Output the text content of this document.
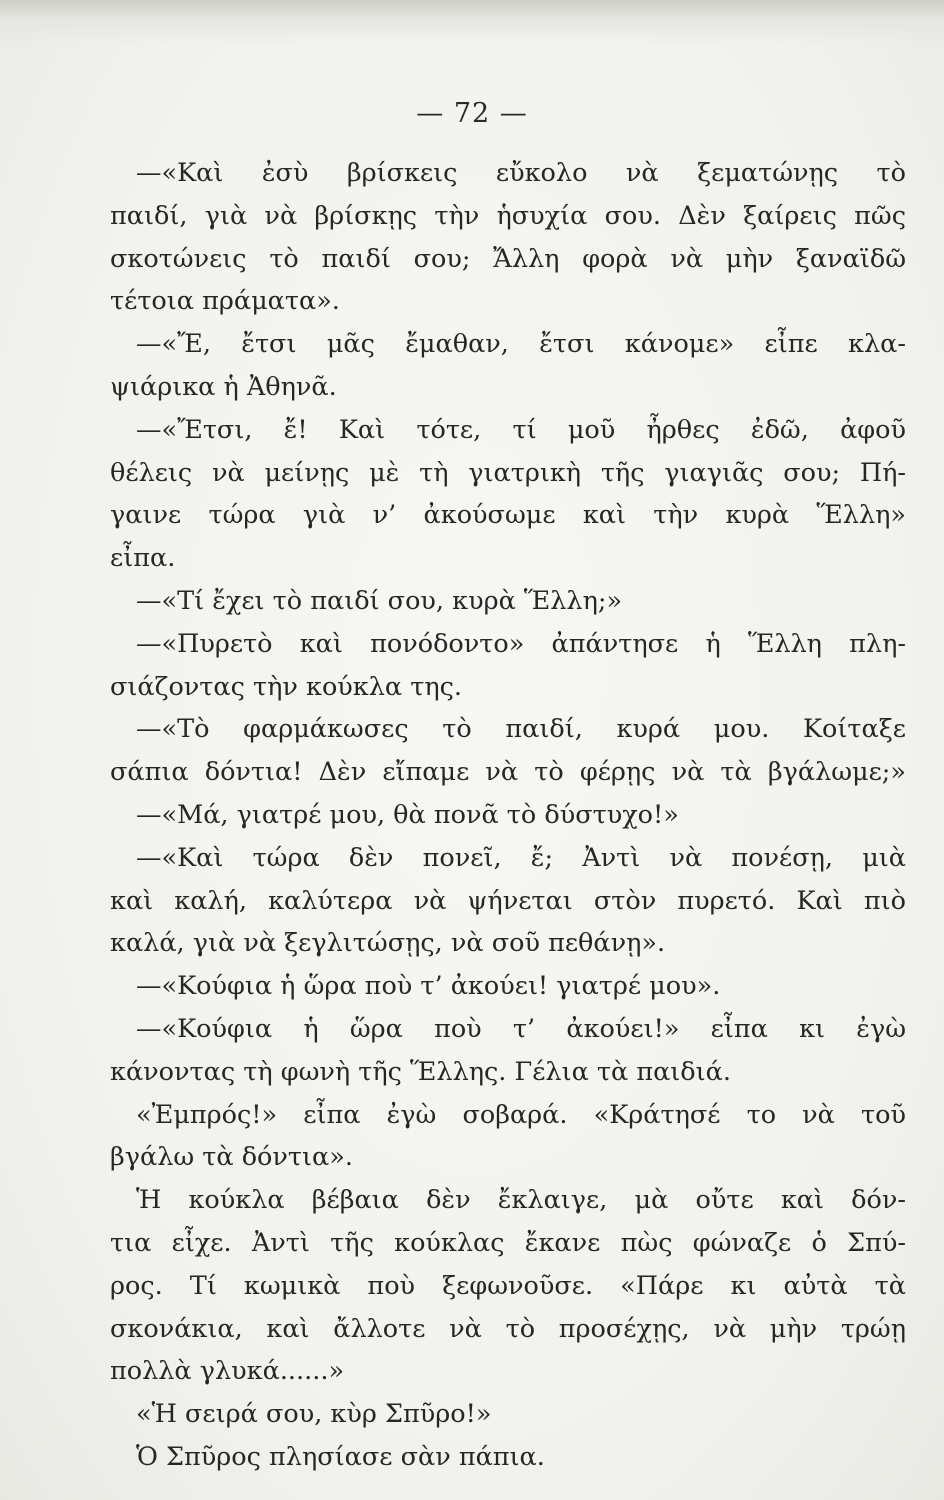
— 72 —
—«Καὶ ἐσὺ βρίσκεις εὔκολο νὰ ξεματώνῃς τὸ
παιδί, γιὰ νὰ βρίσκῃς τὴν ἡσυχία σου. Δὲν ξαίρεις πῶς
σκοτώνεις τὸ παιδί σου; Ἄλλη φορὰ νὰ μὴν ξαναϊδῶ
τέτοια πράματα».
—«Ἔ, ἔτσι μᾶς ἔμαθαν, ἔτσι κάνομε» εἶπε κλα-
ψιάρικα ἡ Ἀθηνᾶ.
—«Ἔτσι, ἔ! Καὶ τότε, τί μοῦ ἦρθες ἐδῶ, ἀφοῦ
θέλεις νὰ μείνῃς μὲ τὴ γιατρικὴ τῆς γιαγιᾶς σου; Πή-
γαινε τώρα γιὰ ν’ ἀκούσωμε καὶ τὴν κυρὰ Ἕλλη»
εἶπα.
—«Τί ἔχει τὸ παιδί σου, κυρὰ Ἕλλη;»
—«Πυρετὸ καὶ πονόδοντο» ἀπάντησε ἡ Ἕλλη πλη-
σιάζοντας τὴν κούκλα της.
—«Τὸ φαρμάκωσες τὸ παιδί, κυρά μου. Κοίταξε
σάπια δόντια! Δὲν εἴπαμε νὰ τὸ φέρῃς νὰ τὰ βγάλωμε;»
—«Μά, γιατρέ μου, θὰ πονᾶ τὸ δύστυχο!»
—«Καὶ τώρα δὲν πονεῖ, ἔ; Ἀντὶ νὰ πονέσῃ, μιὰ
καὶ καλή, καλύτερα νὰ ψήνεται στὸν πυρετό. Καὶ πιὸ
καλά, γιὰ νὰ ξεγλιτώσῃς, νὰ σοῦ πεθάνῃ».
—«Κούφια ἡ ὥρα ποὺ τ’ ἀκούει! γιατρέ μου».
—«Κούφια ἡ ὥρα ποὺ τ’ ἀκούει!» εἶπα κι ἐγὼ
κάνοντας τὴ φωνὴ τῆς Ἕλλης. Γέλια τὰ παιδιά.
«Ἐμπρός!» εἶπα ἐγὼ σοβαρά. «Κράτησέ το νὰ τοῦ
βγάλω τὰ δόντια».
Ἡ κούκλα βέβαια δὲν ἔκλαιγε, μὰ οὔτε καὶ δόν-
τια εἶχε. Ἀντὶ τῆς κούκλας ἔκανε πὼς φώναζε ὁ Σπύ-
ρος. Τί κωμικὰ ποὺ ξεφωνοῦσε. «Πάρε κι αὐτὰ τὰ
σκονάκια, καὶ ἄλλοτε νὰ τὸ προσέχῃς, νὰ μὴν τρώῃ
πολλὰ γλυκά......»
«Ἡ σειρά σου, κὺρ Σπῦρο!»
Ὁ Σπῦρος πλησίασε σὰν πάπια.
